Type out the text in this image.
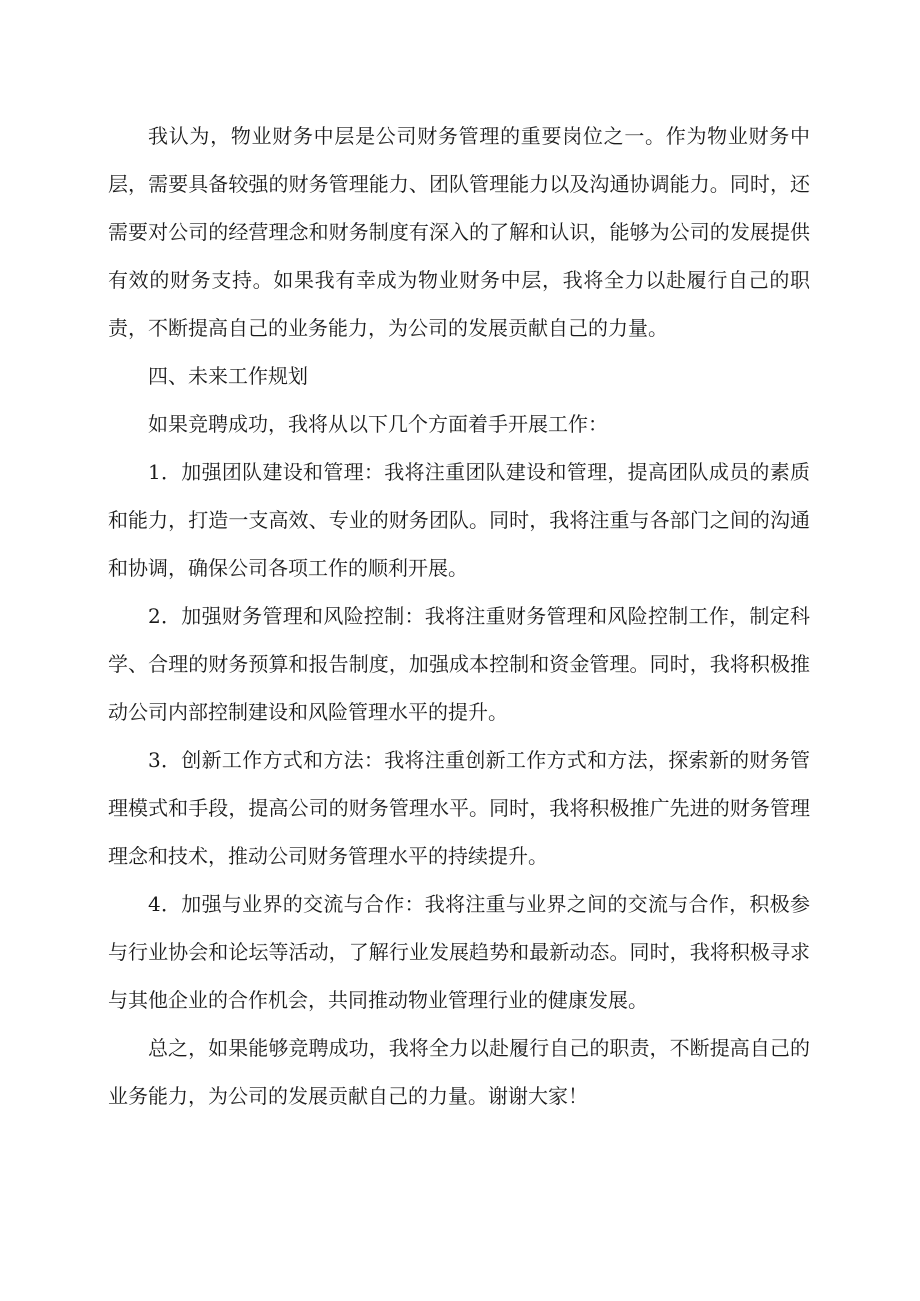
我认为，物业财务中层是公司财务管理的重要岗位之一。作为物业财务中层，需要具备较强的财务管理能力、团队管理能力以及沟通协调能力。同时，还需要对公司的经营理念和财务制度有深入的了解和认识，能够为公司的发展提供有效的财务支持。如果我有幸成为物业财务中层，我将全力以赴履行自己的职责，不断提高自己的业务能力，为公司的发展贡献自己的力量。

四、未来工作规划

如果竞聘成功，我将从以下几个方面着手开展工作：

1．加强团队建设和管理：我将注重团队建设和管理，提高团队成员的素质和能力，打造一支高效、专业的财务团队。同时，我将注重与各部门之间的沟通和协调，确保公司各项工作的顺利开展。

2．加强财务管理和风险控制：我将注重财务管理和风险控制工作，制定科学、合理的财务预算和报告制度，加强成本控制和资金管理。同时，我将积极推动公司内部控制建设和风险管理水平的提升。

3．创新工作方式和方法：我将注重创新工作方式和方法，探索新的财务管理模式和手段，提高公司的财务管理水平。同时，我将积极推广先进的财务管理理念和技术，推动公司财务管理水平的持续提升。

4．加强与业界的交流与合作：我将注重与业界之间的交流与合作，积极参与行业协会和论坛等活动，了解行业发展趋势和最新动态。同时，我将积极寻求与其他企业的合作机会，共同推动物业管理行业的健康发展。

总之，如果能够竞聘成功，我将全力以赴履行自己的职责，不断提高自己的业务能力，为公司的发展贡献自己的力量。谢谢大家！
